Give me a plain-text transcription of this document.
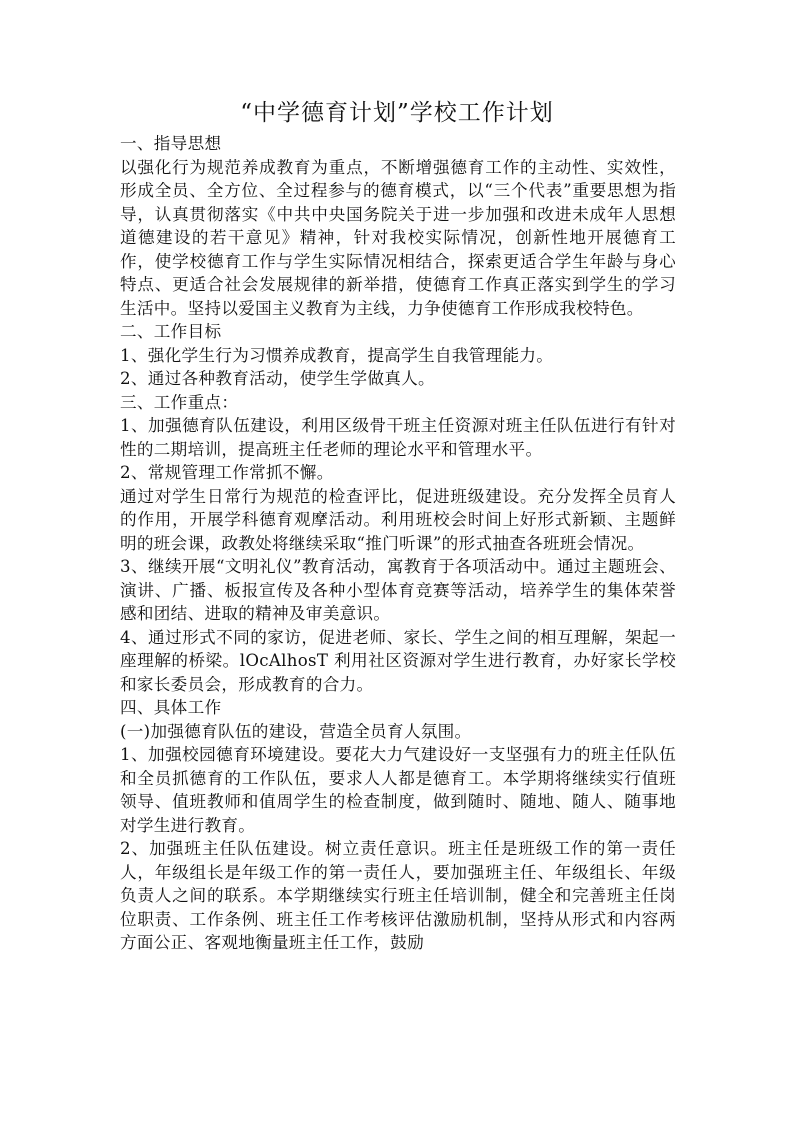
“中学德育计划”学校工作计划

一、指导思想

以强化行为规范养成教育为重点，不断增强德育工作的主动性、实效性，形成全员、全方位、全过程参与的德育模式，以“三个代表”重要思想为指导，认真贯彻落实《中共中央国务院关于进一步加强和改进未成年人思想道德建设的若干意见》精神，针对我校实际情况，创新性地开展德育工作，使学校德育工作与学生实际情况相结合，探索更适合学生年龄与身心特点、更适合社会发展规律的新举措，使德育工作真正落实到学生的学习生活中。坚持以爱国主义教育为主线，力争使德育工作形成我校特色。

二、工作目标

1、强化学生行为习惯养成教育，提高学生自我管理能力。

2、通过各种教育活动，使学生学做真人。

三、工作重点：

1、加强德育队伍建设，利用区级骨干班主任资源对班主任队伍进行有针对性的二期培训，提高班主任老师的理论水平和管理水平。

2、常规管理工作常抓不懈。

通过对学生日常行为规范的检查评比，促进班级建设。充分发挥全员育人的作用，开展学科德育观摩活动。利用班校会时间上好形式新颖、主题鲜明的班会课，政教处将继续采取“推门听课”的形式抽查各班班会情况。

3、继续开展“文明礼仪”教育活动，寓教育于各项活动中。通过主题班会、演讲、广播、板报宣传及各种小型体育竞赛等活动，培养学生的集体荣誉感和团结、进取的精神及审美意识。

4、通过形式不同的家访，促进老师、家长、学生之间的相互理解，架起一座理解的桥梁。lOcAlhosT 利用社区资源对学生进行教育，办好家长学校和家长委员会，形成教育的合力。

四、具体工作

(一)加强德育队伍的建设，营造全员育人氛围。

1、加强校园德育环境建设。要花大力气建设好一支坚强有力的班主任队伍和全员抓德育的工作队伍，要求人人都是德育工。本学期将继续实行值班领导、值班教师和值周学生的检查制度，做到随时、随地、随人、随事地对学生进行教育。

2、加强班主任队伍建设。树立责任意识。班主任是班级工作的第一责任人，年级组长是年级工作的第一责任人，要加强班主任、年级组长、年级负责人之间的联系。本学期继续实行班主任培训制，健全和完善班主任岗位职责、工作条例、班主任工作考核评估激励机制，坚持从形式和内容两方面公正、客观地衡量班主任工作，鼓励
